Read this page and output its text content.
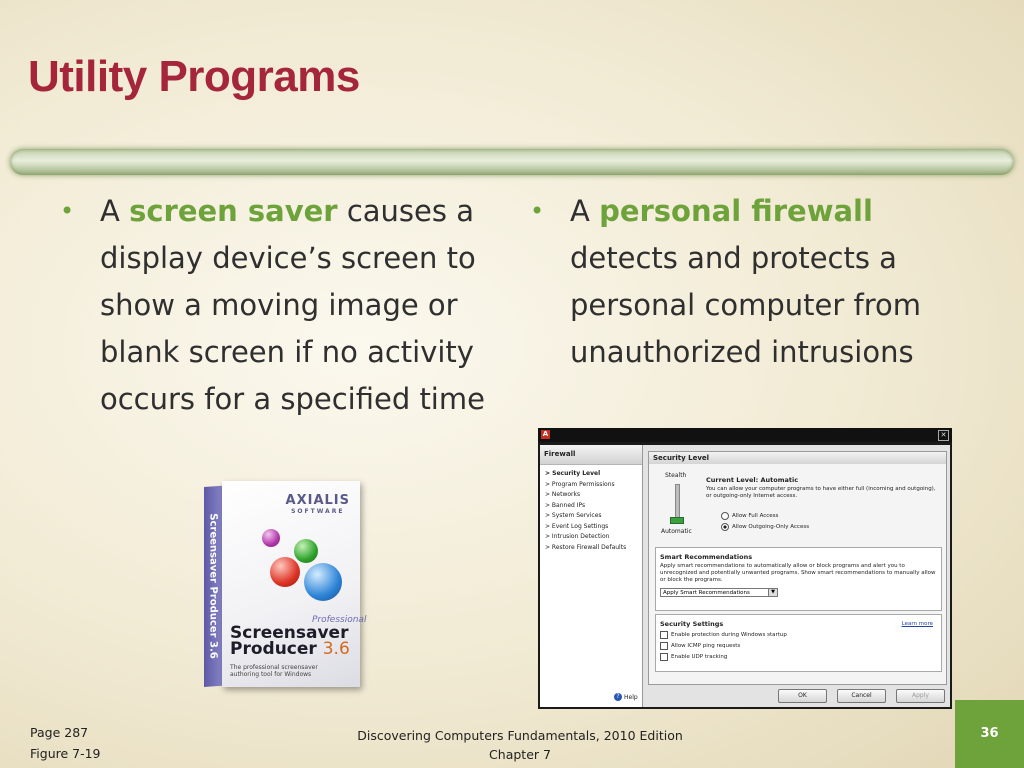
Utility Programs
• A screen saver causes a display device’s screen to show a moving image or blank screen if no activity occurs for a specified time
• A personal firewall detects and protects a personal computer from unauthorized intrusions
Screensaver Producer 3.6
AXIALIS
SOFTWARE
Professional
Screensaver
Producer 3.6
The professional screensaver authoring tool for Windows
A	✕
Firewall
> Security Level
> Program Permissions
> Networks
> Banned IPs
> System Services
> Event Log Settings
> Intrusion Detection
> Restore Firewall Defaults
? Help
Security Level
Stealth
Automatic
Current Level: Automatic
You can allow your computer programs to have either full (incoming and outgoing), or outgoing-only Internet access.
Allow Full Access
Allow Outgoing-Only Access
Smart Recommendations
Apply smart recommendations to automatically allow or block programs and alert you to unrecognized and potentially unwanted programs. Show smart recommendations to manually allow or block the programs.
Apply Smart Recommendations	▼
Security Settings	Learn more
Enable protection during Windows startup
Allow ICMP ping requests
Enable UDP tracking
OK	Cancel	Apply
Page 287
Figure 7-19
Discovering Computers Fundamentals, 2010 Edition
Chapter 7
36
